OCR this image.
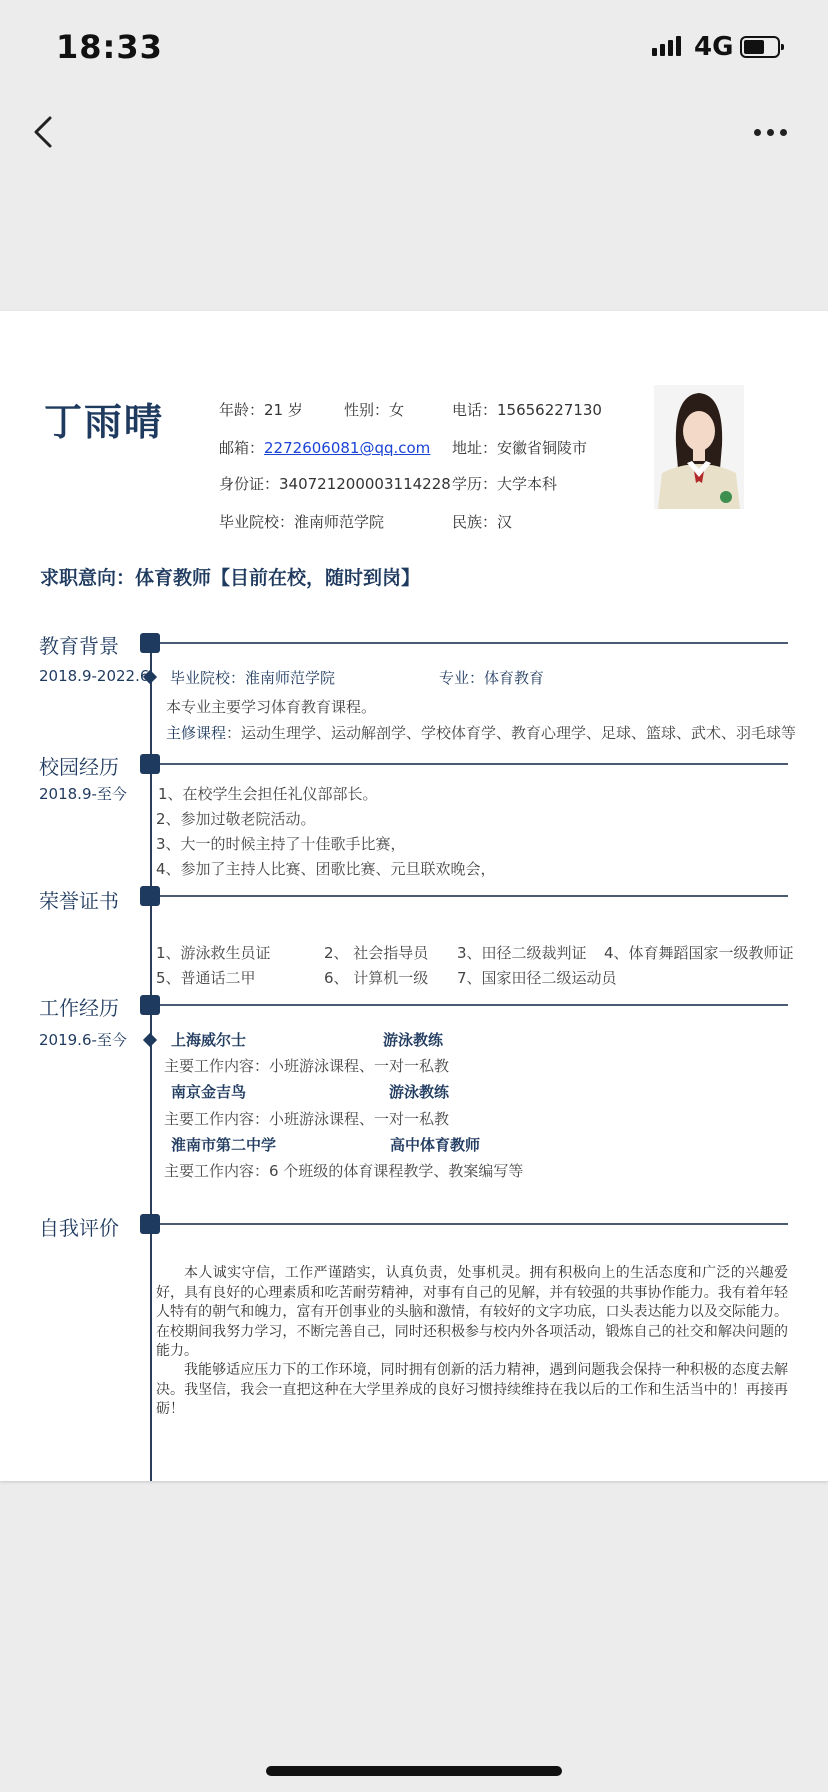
18:33	4G
丁雨晴	年龄：21 岁	性别：女	电话：15656227130
邮箱：2272606081@qq.com 地址：安徽省铜陵市
身份证：340721200003114228 学历：大学本科
毕业院校：淮南师范学院	民族：汉
求职意向：体育教师【目前在校，随时到岗】
教育背景
2018.9-2022.6 毕业院校：淮南师范学院	专业：体育教育
本专业主要学习体育教育课程。
主修课程：运动生理学、运动解剖学、学校体育学、教育心理学、足球、篮球、武术、羽毛球等
校园经历
2018.9-至今 1、在校学生会担任礼仪部部长。
2、参加过敬老院活动。
3、大一的时候主持了十佳歌手比赛，
4、参加了主持人比赛、团歌比赛、元旦联欢晚会，
荣誉证书
1、游泳救生员证	2、 社会指导员 3、田径二级裁判证 4、体育舞蹈国家一级教师证
5、普通话二甲	6、 计算机一级 7、国家田径二级运动员
工作经历
2019.6-至今	上海威尔士	游泳教练
主要工作内容：小班游泳课程、一对一私教
南京金吉鸟	游泳教练
主要工作内容：小班游泳课程、一对一私教
淮南市第二中学	高中体育教师
主要工作内容：6 个班级的体育课程教学、教案编写等
自我评价

本人诚实守信，工作严谨踏实，认真负责，处事机灵。拥有积极向上的生活态度和广泛的兴趣爱好，具有良好的心理素质和吃苦耐劳精神，对事有自己的见解，并有较强的共事协作能力。我有着年轻人特有的朝气和魄力，富有开创事业的头脑和激情，有较好的文字功底，口头表达能力以及交际能力。在校期间我努力学习，不断完善自己，同时还积极参与校内外各项活动，锻炼自己的社交和解决问题的能力。

我能够适应压力下的工作环境，同时拥有创新的活力精神，遇到问题我会保持一种积极的态度去解决。我坚信，我会一直把这种在大学里养成的良好习惯持续维持在我以后的工作和生活当中的！再接再砺！
